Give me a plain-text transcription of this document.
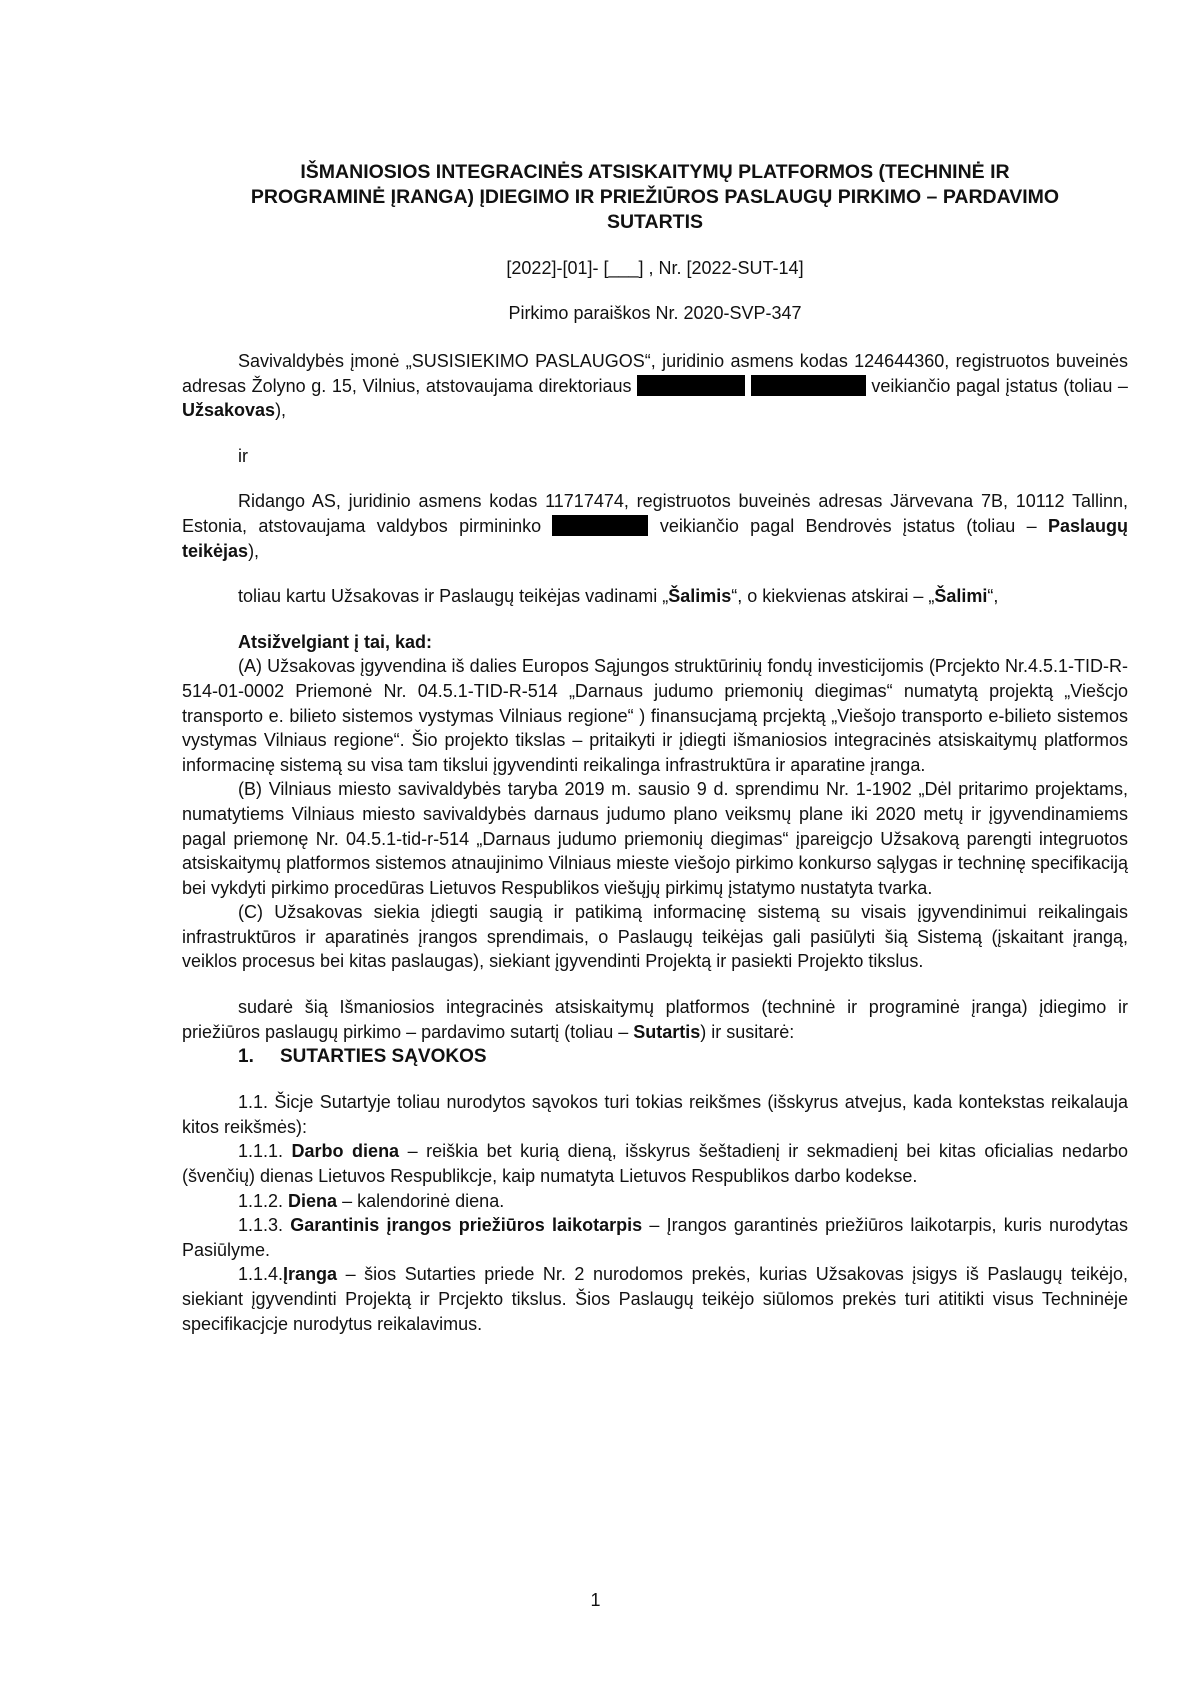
IŠMANIOSIOS INTEGRACINĖS ATSISKAITYMŲ PLATFORMOS (TECHNINĖ IR

PROGRAMINĖ ĮRANGA) ĮDIEGIMO IR PRIEŽIŪROS PASLAUGŲ PIRKIMO – PARDAVIMO

SUTARTIS

[2022]-[01]- [___] , Nr. [2022-SUT-14]

Pirkimo paraiškos Nr. 2020-SVP-347

Savivaldybės įmonė „SUSISIEKIMO PASLAUGOS“, juridinio asmens kodas 124644360, registruotos buveinės adresas Žolyno g. 15, Vilnius, atstovaujama direktoriaus	veikiančio pagal įstatus (toliau – Užsakovas),

ir

Ridango AS, juridinio asmens kodas 11717474, registruotos buveinės adresas Järvevana 7B, 10112 Tallinn, Estonia, atstovaujama valdybos pirmininko	veikiančio pagal Bendrovės įstatus (toliau – Paslaugų teikėjas),

toliau kartu Užsakovas ir Paslaugų teikėjas vadinami „Šalimis“, o kiekvienas atskirai – „Šalimi“,

Atsižvelgiant į tai, kad:

(A) Užsakovas įgyvendina iš dalies Europos Sąjungos struktūrinių fondų investicijomis (Prcjekto Nr.4.5.1-TID-R-514-01-0002 Priemonė Nr. 04.5.1-TID-R-514 „Darnaus judumo priemonių diegimas“ numatytą projektą „Viešcjo transporto e. bilieto sistemos vystymas Vilniaus regione“ ) finansucjamą prcjektą „Viešojo transporto e-bilieto sistemos vystymas Vilniaus regione“. Šio projekto tikslas – pritaikyti ir įdiegti išmaniosios integracinės atsiskaitymų platformos informacinę sistemą su visa tam tikslui įgyvendinti reikalinga infrastruktūra ir aparatine įranga.

(B) Vilniaus miesto savivaldybės taryba 2019 m. sausio 9 d. sprendimu Nr. 1-1902 „Dėl pritarimo projektams, numatytiems Vilniaus miesto savivaldybės darnaus judumo plano veiksmų plane iki 2020 metų ir įgyvendinamiems pagal priemonę Nr. 04.5.1-tid-r-514 „Darnaus judumo priemonių diegimas“ įpareigcjo Užsakovą parengti integruotos atsiskaitymų platformos sistemos atnaujinimo Vilniaus mieste viešojo pirkimo konkurso sąlygas ir techninę specifikaciją bei vykdyti pirkimo procedūras Lietuvos Respublikos viešųjų pirkimų įstatymo nustatyta tvarka.

(C) Užsakovas siekia įdiegti saugią ir patikimą informacinę sistemą su visais įgyvendinimui reikalingais infrastruktūros ir aparatinės įrangos sprendimais, o Paslaugų teikėjas gali pasiūlyti šią Sistemą (įskaitant įrangą, veiklos procesus bei kitas paslaugas), siekiant įgyvendinti Projektą ir pasiekti Projekto tikslus.

sudarė šią Išmaniosios integracinės atsiskaitymų platformos (techninė ir programinė įranga) įdiegimo ir priežiūros paslaugų pirkimo – pardavimo sutartį (toliau – Sutartis) ir susitarė:

1. SUTARTIES SĄVOKOS

1.1. Šicje Sutartyje toliau nurodytos sąvokos turi tokias reikšmes (išskyrus atvejus, kada kontekstas reikalauja kitos reikšmės):

1.1.1. Darbo diena – reiškia bet kurią dieną, išskyrus šeštadienį ir sekmadienį bei kitas oficialias nedarbo (švenčių) dienas Lietuvos Respublikcje, kaip numatyta Lietuvos Respublikos darbo kodekse.

1.1.2. Diena – kalendorinė diena.

1.1.3. Garantinis įrangos priežiūros laikotarpis – Įrangos garantinės priežiūros laikotarpis, kuris nurodytas Pasiūlyme.

1.1.4.Įranga – šios Sutarties priede Nr. 2 nurodomos prekės, kurias Užsakovas įsigys iš Paslaugų teikėjo, siekiant įgyvendinti Projektą ir Prcjekto tikslus. Šios Paslaugų teikėjo siūlomos prekės turi atitikti visus Techninėje specifikacjcje nurodytus reikalavimus.

1
